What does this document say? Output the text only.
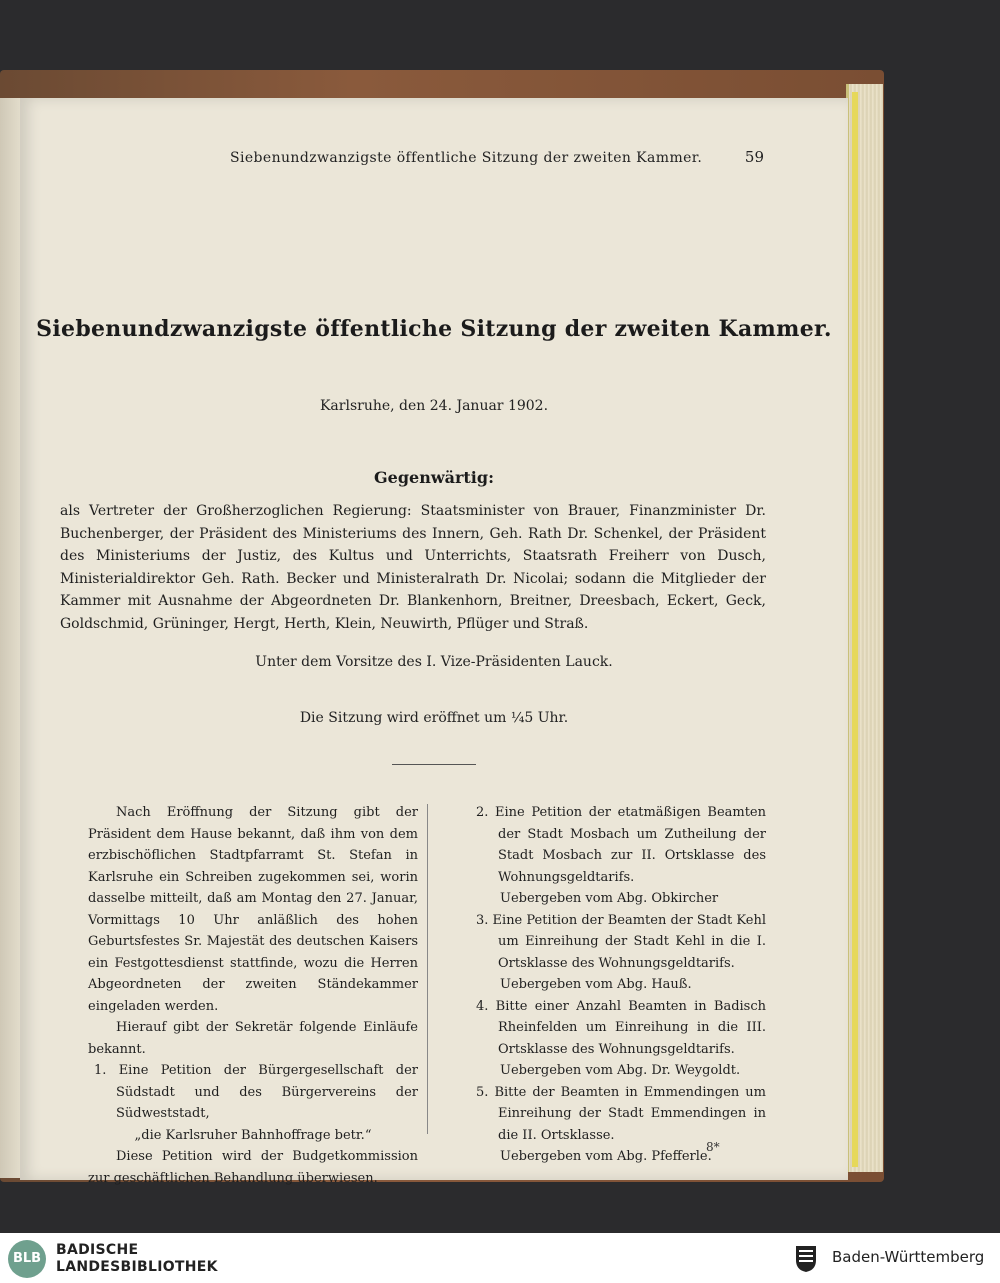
Siebenundzwanzigste öffentliche Sitzung der zweiten Kammer.	59
Siebenundzwanzigste öffentliche Sitzung der zweiten Kammer.
Karlsruhe, den 24. Januar 1902.
Gegenwärtig:
als Vertreter der Großherzoglichen Regierung: Staatsminister von Brauer, Finanzminister Dr. Buchenberger, der Präsident des Ministeriums des Innern, Geh. Rath Dr. Schenkel, der Präsident des Ministeriums der Justiz, des Kultus und Unterrichts, Staatsrath Freiherr von Dusch, Ministerialdirektor Geh. Rath. Becker und Ministeralrath Dr. Nicolai; sodann die Mitglieder der Kammer mit Ausnahme der Abgeordneten Dr. Blankenhorn, Breitner, Dreesbach, Eckert, Geck, Goldschmid, Grüninger, Hergt, Herth, Klein, Neuwirth, Pflüger und Straß.
Unter dem Vorsitze des I. Vize-Präsidenten Lauck.
Die Sitzung wird eröffnet um ¼5 Uhr.

Nach Eröffnung der Sitzung gibt der Präsident dem Hause bekannt, daß ihm von dem erzbischöflichen Stadtpfarramt St. Stefan in Karlsruhe ein Schreiben zugekommen sei, worin dasselbe mitteilt, daß am Montag den 27. Januar, Vormittags 10 Uhr anläßlich des hohen Geburtsfestes Sr. Majestät des deutschen Kaisers ein Festgottesdienst stattfinde, wozu die Herren Abgeordneten der zweiten Ständekammer eingeladen werden.

Hierauf gibt der Sekretär folgende Einläufe bekannt.

1. Eine Petition der Bürgergesellschaft der Südstadt und des Bürgervereins der Südweststadt,

„die Karlsruher Bahnhoffrage betr.“

Diese Petition wird der Budgetkommission zur geschäftlichen Behandlung überwiesen.

2. Eine Petition der etatmäßigen Beamten der Stadt Mosbach um Zutheilung der Stadt Mosbach zur II. Ortsklasse des Wohnungsgeldtarifs.

Uebergeben vom Abg. Obkircher

3. Eine Petition der Beamten der Stadt Kehl um Einreihung der Stadt Kehl in die I. Ortsklasse des Wohnungsgeldtarifs.

Uebergeben vom Abg. Hauß.

4. Bitte einer Anzahl Beamten in Badisch Rheinfelden um Einreihung in die III. Ortsklasse des Wohnungsgeldtarifs.

Uebergeben vom Abg. Dr. Weygoldt.

5. Bitte der Beamten in Emmendingen um Einreihung der Stadt Emmendingen in die II. Ortsklasse.

Uebergeben vom Abg. Pfefferle.

8*
BLB
BADISCHE
LANDESBIBLIOTHEK
Baden-Württemberg
